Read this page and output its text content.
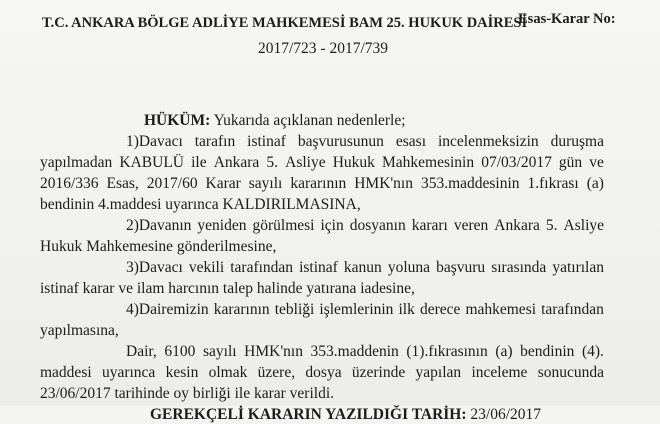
T.C. ANKARA BÖLGE ADLİYE MAHKEMESİ BAM 25. HUKUK DAİRESİ
Esas-Karar No:
2017/723 - 2017/739
HÜKÜM: Yukarıda açıklanan nedenlerle;
1)Davacı tarafın istinaf başvurusunun esası incelenmeksizin duruşma
yapılmadan KABULÜ ile Ankara 5. Asliye Hukuk Mahkemesinin 07/03/2017 gün ve
2016/336 Esas, 2017/60 Karar sayılı kararının HMK'nın 353.maddesinin 1.fıkrası (a)
bendinin 4.maddesi uyarınca KALDIRILMASINA,
2)Davanın yeniden görülmesi için dosyanın kararı veren Ankara 5. Asliye
Hukuk Mahkemesine gönderilmesine,
3)Davacı vekili tarafından istinaf kanun yoluna başvuru sırasında yatırılan
istinaf karar ve ilam harcının talep halinde yatırana iadesine,
4)Dairemizin kararının tebliği işlemlerinin ilk derece mahkemesi tarafından
yapılmasına,
Dair, 6100 sayılı HMK'nın 353.maddenin (1).fıkrasının (a) bendinin (4).
maddesi uyarınca kesin olmak üzere, dosya üzerinde yapılan inceleme sonucunda
23/06/2017 tarihinde oy birliği ile karar verildi.
GEREKÇELİ KARARIN YAZILDIĞI TARİH: 23/06/2017
